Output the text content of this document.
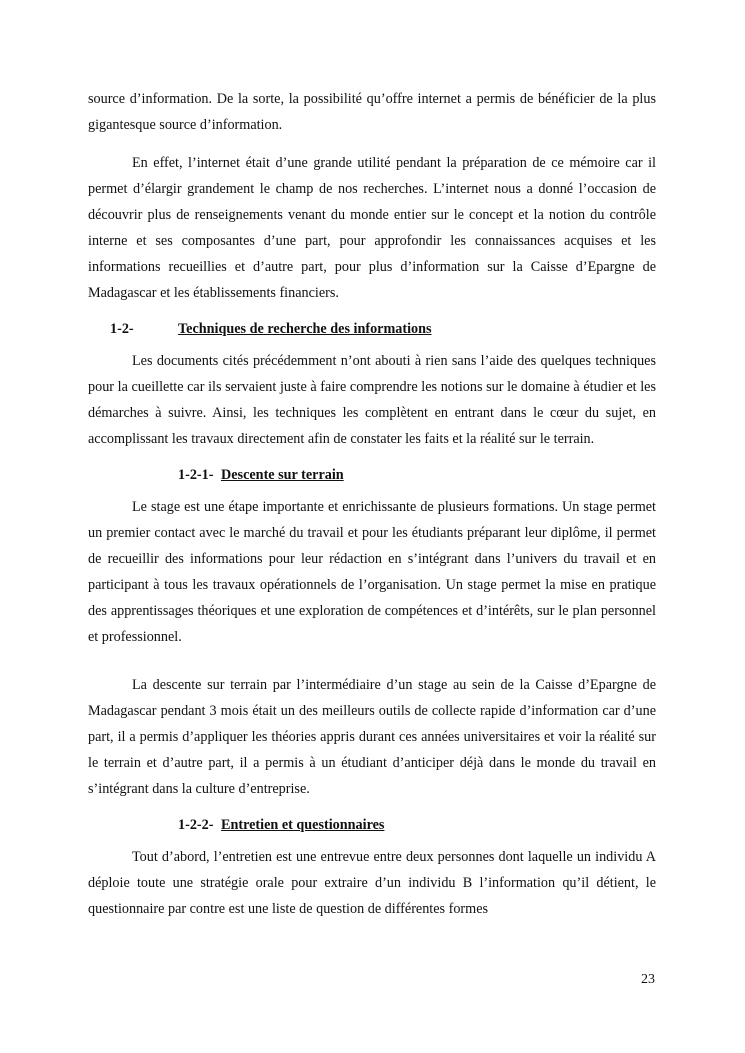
source d’information. De la sorte, la possibilité qu’offre internet a permis de bénéficier de la plus gigantesque source d’information.

En effet, l’internet était d’une grande utilité pendant la préparation de ce mémoire car il permet d’élargir grandement le champ de nos recherches. L’internet nous a donné l’occasion de découvrir plus de renseignements venant du monde entier sur le concept et la notion du contrôle interne et ses composantes d’une part, pour approfondir les connaissances acquises et les informations recueillies et d’autre part, pour plus d’information sur la Caisse d’Epargne de Madagascar et les établissements financiers.

1-2-	Techniques de recherche des informations

Les documents cités précédemment n’ont abouti à rien sans l’aide des quelques techniques pour la cueillette car ils servaient juste à faire comprendre les notions sur le domaine à étudier et les démarches à suivre. Ainsi, les techniques les complètent en entrant dans le cœur du sujet, en accomplissant les travaux directement afin de constater les faits et la réalité sur le terrain.

1-2-1- Descente sur terrain

Le stage est une étape importante et enrichissante de plusieurs formations. Un stage permet un premier contact avec le marché du travail et pour les étudiants préparant leur diplôme, il permet de recueillir des informations pour leur rédaction en s’intégrant dans l’univers du travail et en participant à tous les travaux opérationnels de l’organisation. Un stage permet la mise en pratique des apprentissages théoriques et une exploration de compétences et d’intérêts, sur le plan personnel et professionnel.

La descente sur terrain par l’intermédiaire d’un stage au sein de la Caisse d’Epargne de Madagascar pendant 3 mois était un des meilleurs outils de collecte rapide d’information car d’une part, il a permis d’appliquer les théories appris durant ces années universitaires et voir la réalité sur le terrain et d’autre part, il a permis à un étudiant d’anticiper déjà dans le monde du travail en s’intégrant dans la culture d’entreprise.

1-2-2- Entretien et questionnaires

Tout d’abord, l’entretien est une entrevue entre deux personnes dont laquelle un individu A déploie toute une stratégie orale pour extraire d’un individu B l’information qu’il détient, le questionnaire par contre est une liste de question de différentes formes

23
